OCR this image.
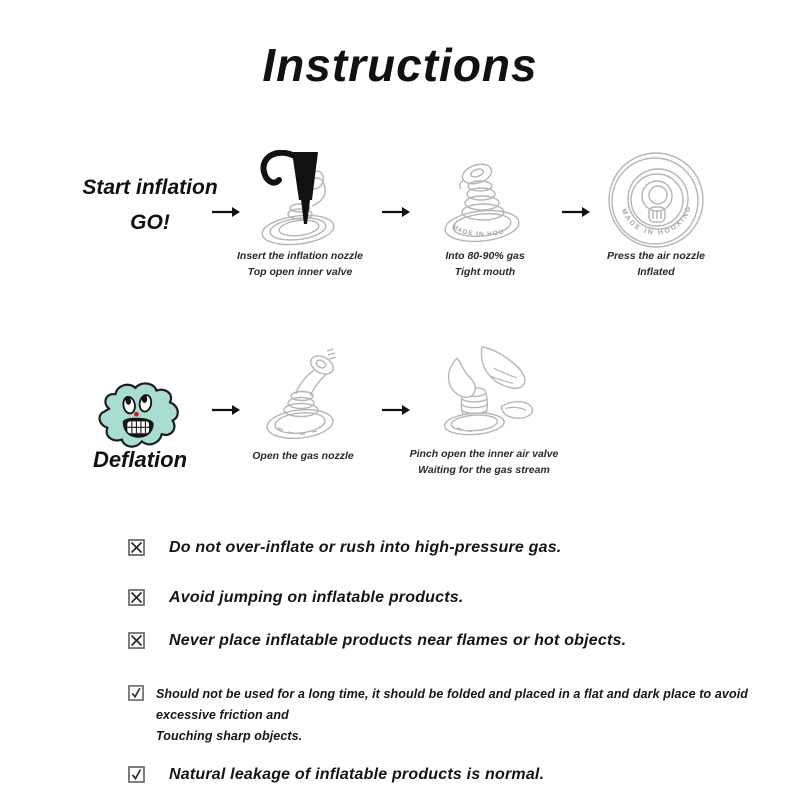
Instructions
Start inflation
GO!
Insert the inflation nozzle
Top open inner valve
MADE IN HOU
Into 80-90% gas
Tight mouth
MADE IN HOUXING
Press the air nozzle
Inflated
Deflation	Open the gas nozzle	Pinch open the inner air valve
Waiting for the gas stream
Do not over-inflate or rush into high-pressure gas.
Avoid jumping on inflatable products.
Never place inflatable products near flames or hot objects.
Should not be used for a long time, it should be folded and placed in a flat and dark place to avoid excessive friction and
Touching sharp objects.
Natural leakage of inflatable products is normal.
